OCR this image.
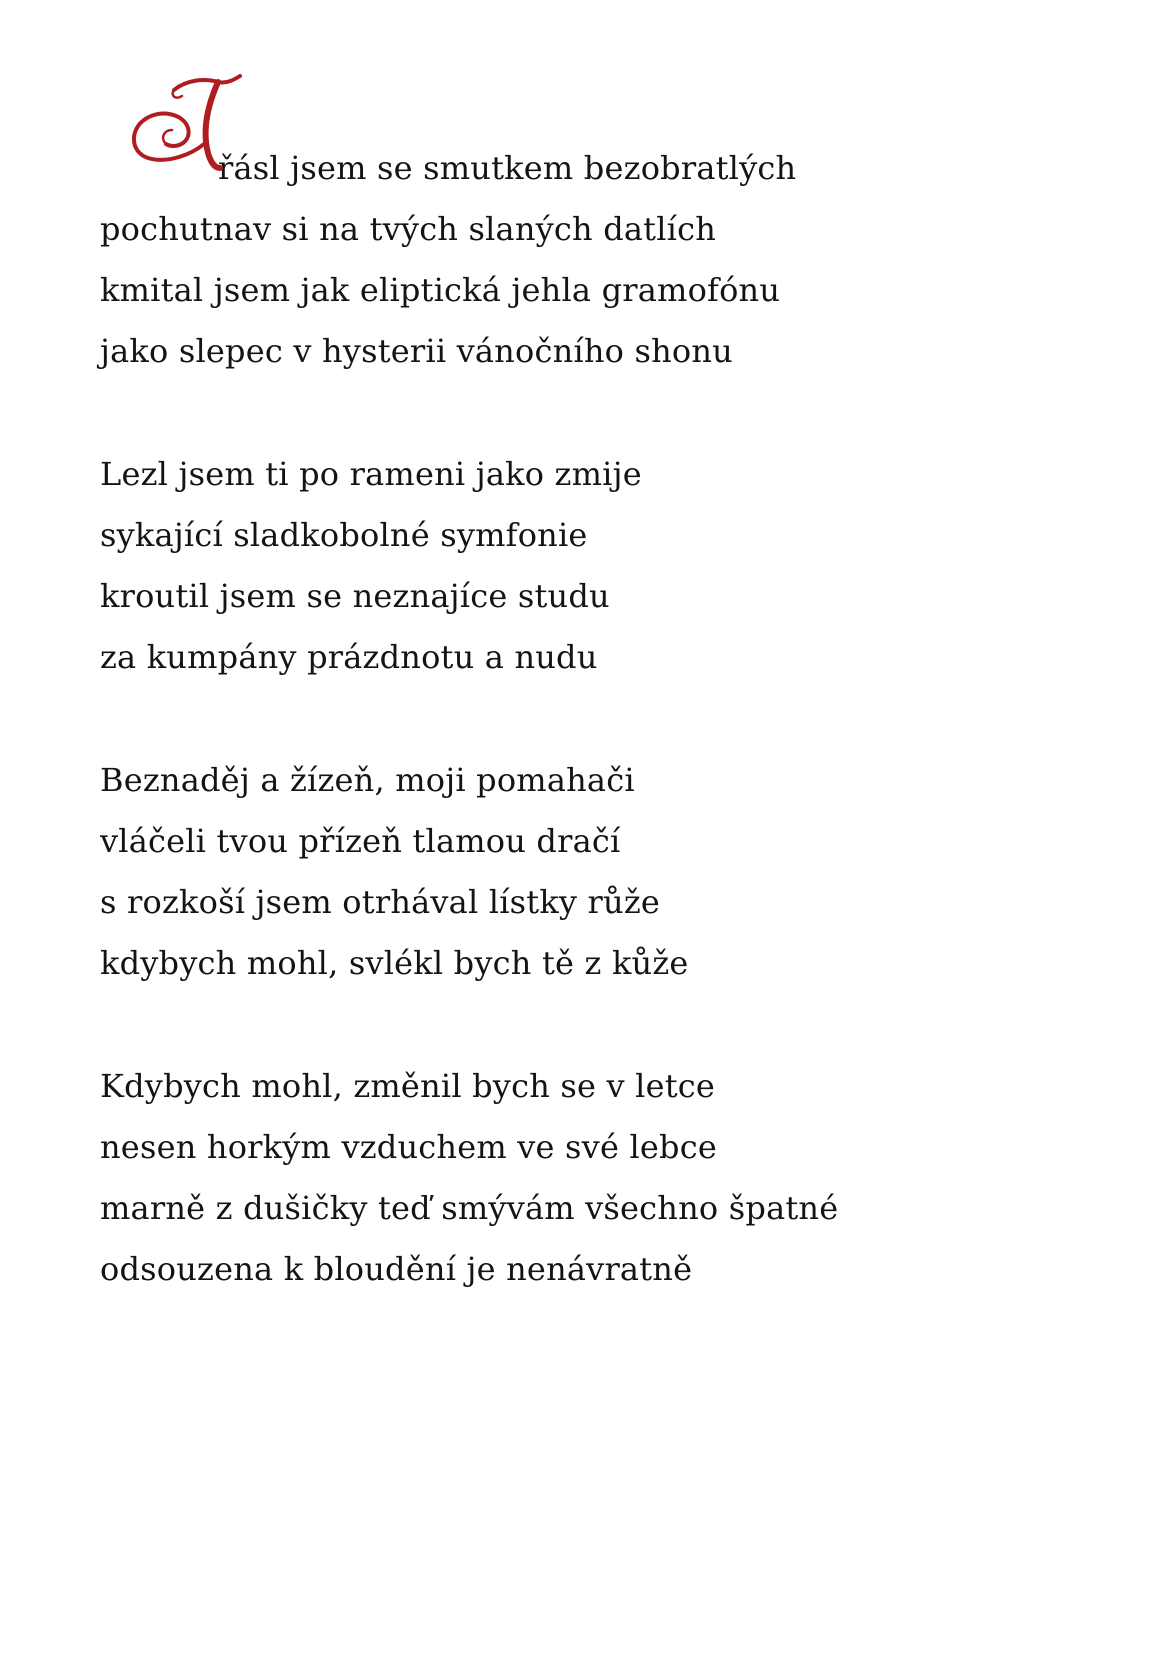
řásl jsem se smutkem bezobratlých
pochutnav si na tvých slaných datlích
kmital jsem jak eliptická jehla gramofónu
jako slepec v hysterii vánočního shonu
Lezl jsem ti po rameni jako zmije
sykající sladkobolné symfonie
kroutil jsem se neznajíce studu
za kumpány prázdnotu a nudu
Beznaděj a žízeň, moji pomahači
vláčeli tvou přízeň tlamou dračí
s rozkoší jsem otrhával lístky růže
kdybych mohl, svlékl bych tě z kůže
Kdybych mohl, změnil bych se v letce
nesen horkým vzduchem ve své lebce
marně z dušičky teď smývám všechno špatné
odsouzena k bloudění je nenávratně
